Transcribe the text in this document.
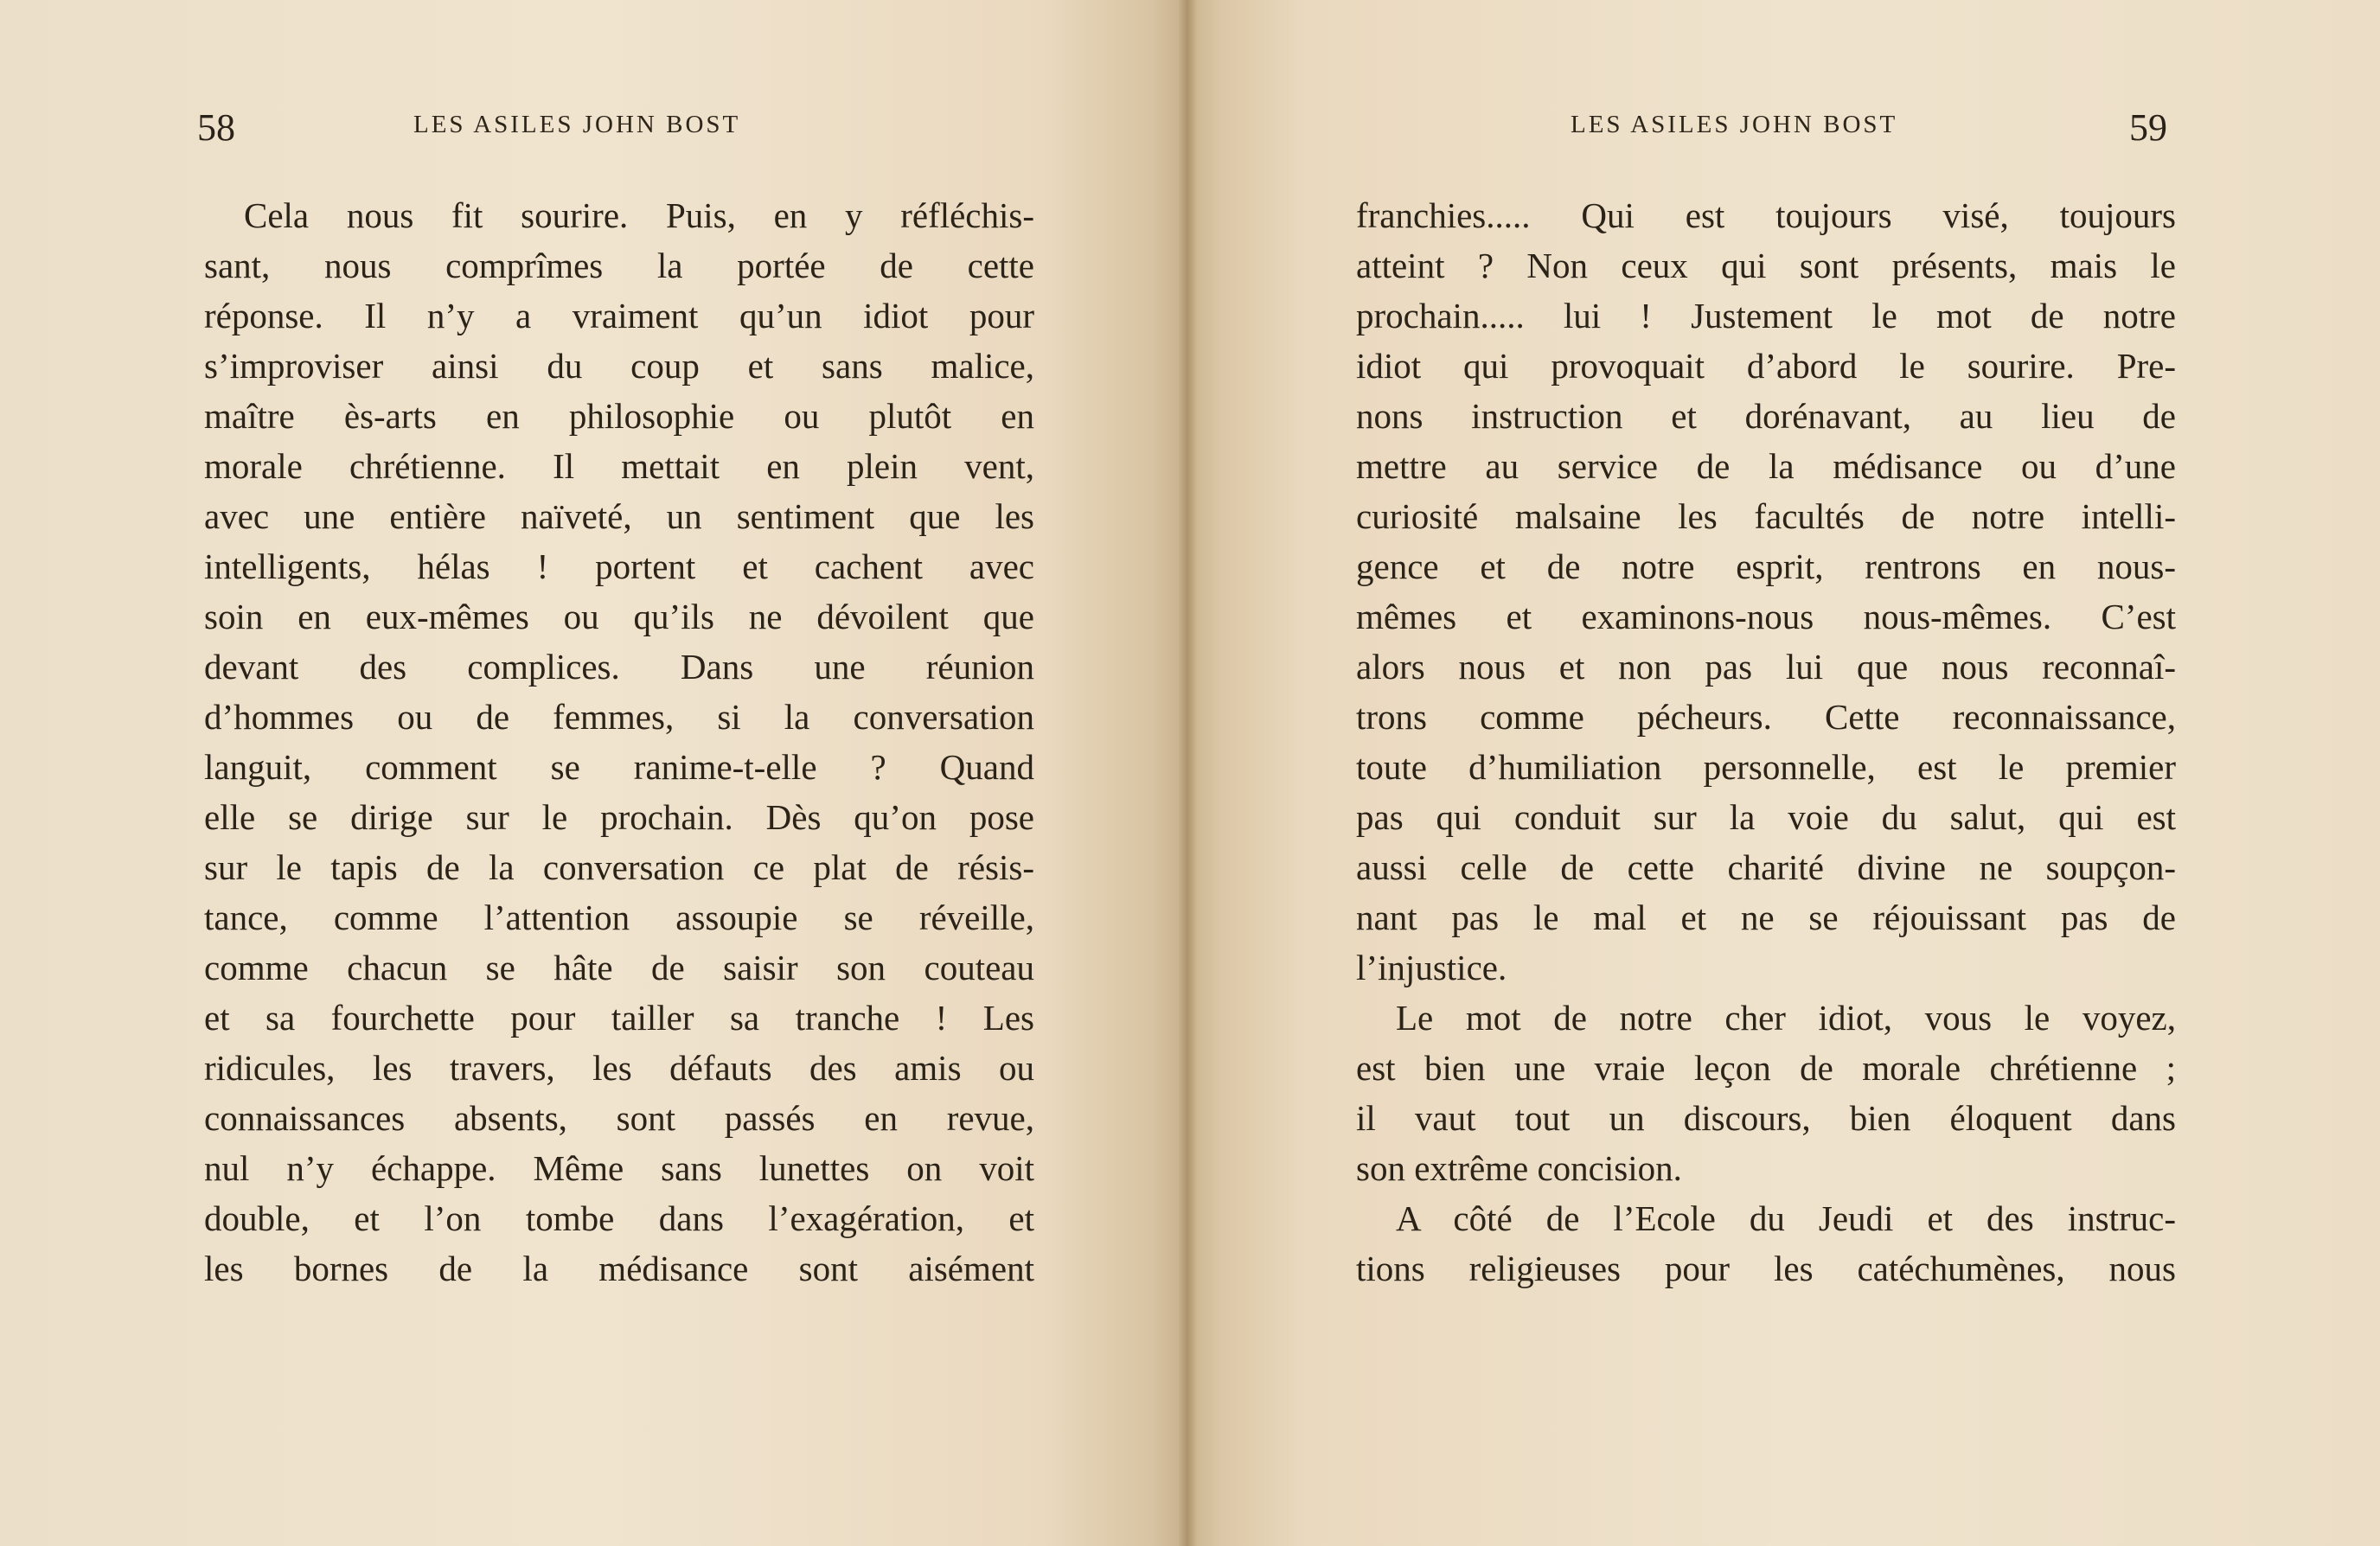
58	LES ASILES JOHN BOST
Cela nous fit sourire. Puis, en y réfléchis-
sant, nous comprîmes la portée de cette
réponse. Il n’y a vraiment qu’un idiot pour
s’improviser ainsi du coup et sans malice,
maître ès-arts en philosophie ou plutôt en
morale chrétienne. Il mettait en plein vent,
avec une entière naïveté, un sentiment que les
intelligents, hélas ! portent et cachent avec
soin en eux-mêmes ou qu’ils ne dévoilent que
devant des complices. Dans une réunion
d’hommes ou de femmes, si la conversation
languit, comment se ranime-t-elle ? Quand
elle se dirige sur le prochain. Dès qu’on pose
sur le tapis de la conversation ce plat de résis-
tance, comme l’attention assoupie se réveille,
comme chacun se hâte de saisir son couteau
et sa fourchette pour tailler sa tranche ! Les
ridicules, les travers, les défauts des amis ou
connaissances absents, sont passés en revue,
nul n’y échappe. Même sans lunettes on voit
double, et l’on tombe dans l’exagération, et
les bornes de la médisance sont aisément
LES ASILES JOHN BOST	59
franchies..... Qui est toujours visé, toujours
atteint ? Non ceux qui sont présents, mais le
prochain..... lui ! Justement le mot de notre
idiot qui provoquait d’abord le sourire. Pre-
nons instruction et dorénavant, au lieu de
mettre au service de la médisance ou d’une
curiosité malsaine les facultés de notre intelli-
gence et de notre esprit, rentrons en nous-
mêmes et examinons-nous nous-mêmes. C’est
alors nous et non pas lui que nous reconnaî-
trons comme pécheurs. Cette reconnaissance,
toute d’humiliation personnelle, est le premier
pas qui conduit sur la voie du salut, qui est
aussi celle de cette charité divine ne soupçon-
nant pas le mal et ne se réjouissant pas de
l’injustice.
Le mot de notre cher idiot, vous le voyez,
est bien une vraie leçon de morale chrétienne ;
il vaut tout un discours, bien éloquent dans
son extrême concision.
A côté de l’Ecole du Jeudi et des instruc-
tions religieuses pour les catéchumènes, nous
